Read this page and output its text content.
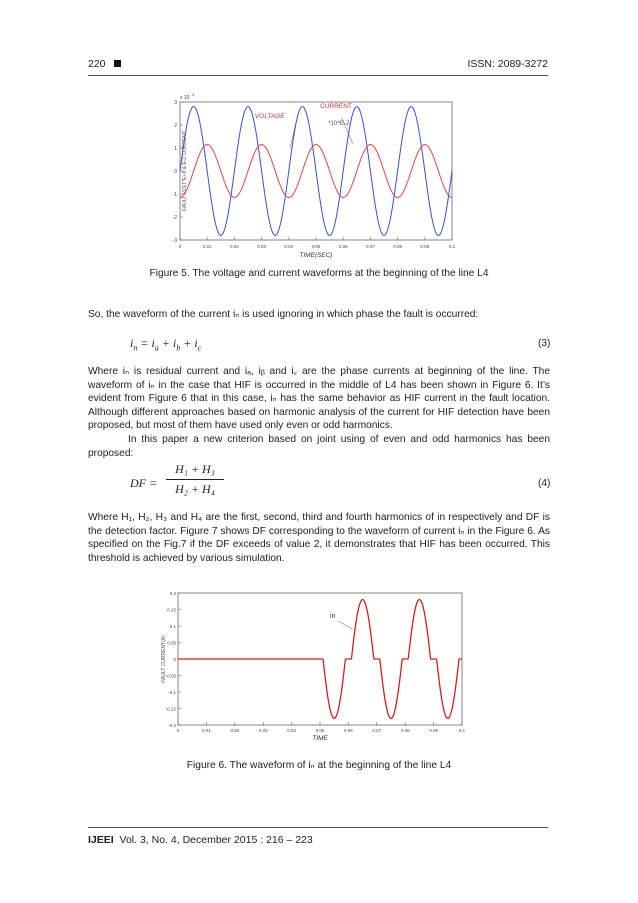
220	ISSN: 2089-3272
0	0.01	0.02	0.03	0.04	0.05	0.06	0.07	0.08	0.09	0.1
3
2
1
0
-1
-2
-3
x 10
4
TIME(SEC)
FAULT VOLT*E+8 & E-2 CURRENT
VOLTAGE
CURRENT
*10^E-2
Figure 5. The voltage and current waveforms at the beginning of the line L4
So, the waveform of the current iₙ is used ignoring in which phase the fault is occurred:
$i_n = i_a + i_b + i_c$	(3)
Where iₙ is residual current and iₐ, iᵦ and i꜀ are the phase currents at beginning of the line. The waveform of iₙ in the case that HIF is occurred in the middle of L4 has been shown in Figure 6. It’s evident from Figure 6 that in this case, iₙ has the same behavior as HIF current in the fault location. Although different approaches based on harmonic analysis of the current for HIF detection have been proposed, but most of them have used only even or odd harmonics.
In this paper a new criterion based on joint using of even and odd harmonics has been proposed:
DF =
H₁ + H₃
H₂ + H₄	(4)
Where H₁, H₂, H₃ and H₄ are the first, second, third and fourth harmonics of in respectively and DF is the detection factor. Figure 7 shows DF corresponding to the waveform of current iₙ in the Figure 6. As specified on the Fig.7 if the DF exceeds of value 2, it demonstrates that HIF has been occurred. This threshold is achieved by various simulation.
0	0.01	0.02	0.03	0.04	0.05	0.06	0.07	0.08	0.09	0.1
0.2
0.15
0.1
0.05
0
-0.05
-0.1
-0.15
-0.2
TIME
FAULT CURRENT(A)
in
Figure 6. The waveform of iₙ at the beginning of the line L4
IJEEI Vol. 3, No. 4, December 2015 : 216 – 223
